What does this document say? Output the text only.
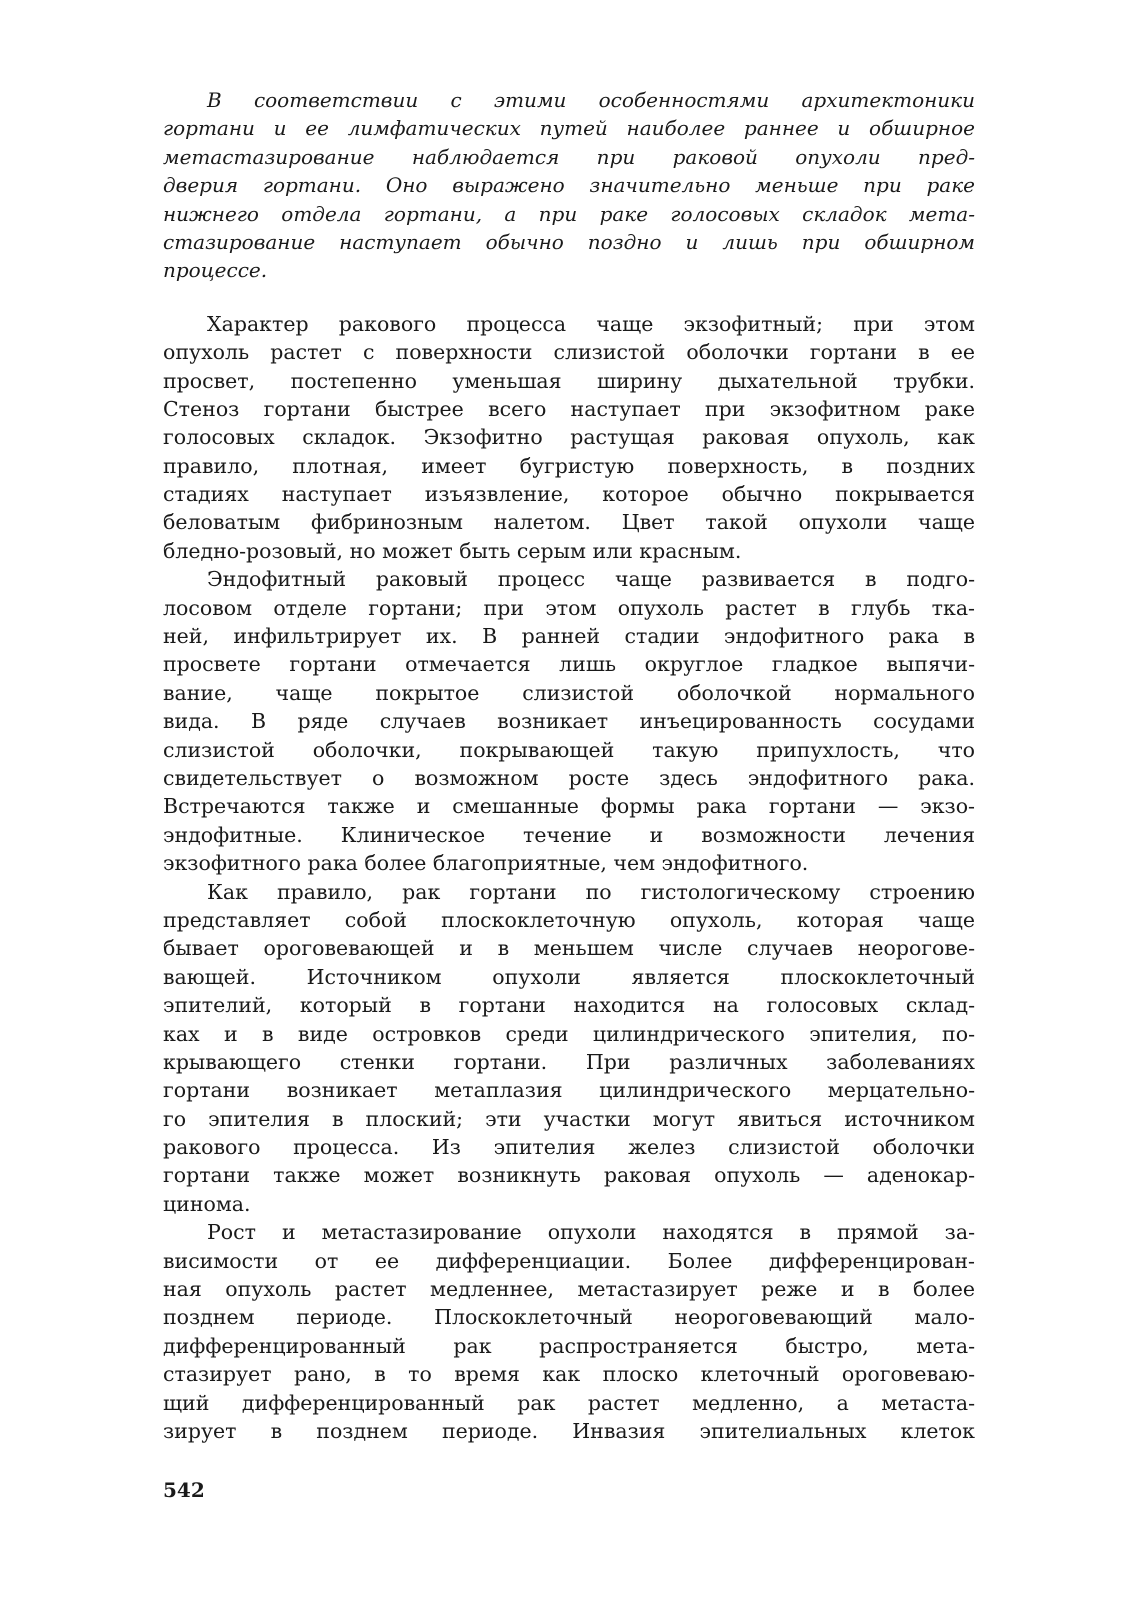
В соответствии с этими особенностями архитектоники
гортани и ее лимфатических путей наиболее раннее и обширное
метастазирование наблюдается при раковой опухоли пред-
дверия гортани. Оно выражено значительно меньше при раке
нижнего отдела гортани, а при раке голосовых складок мета-
стазирование наступает обычно поздно и лишь при обширном
процессе.
Характер ракового процесса чаще экзофитный; при этом
опухоль растет с поверхности слизистой оболочки гортани в ее
просвет, постепенно уменьшая ширину дыхательной трубки.
Стеноз гортани быстрее всего наступает при экзофитном раке
голосовых складок. Экзофитно растущая раковая опухоль, как
правило, плотная, имеет бугристую поверхность, в поздних
стадиях наступает изъязвление, которое обычно покрывается
беловатым фибринозным налетом. Цвет такой опухоли чаще
бледно-розовый, но может быть серым или красным.
Эндофитный раковый процесс чаще развивается в подго-
лосовом отделе гортани; при этом опухоль растет в глубь тка-
ней, инфильтрирует их. В ранней стадии эндофитного рака в
просвете гортани отмечается лишь округлое гладкое выпячи-
вание, чаще покрытое слизистой оболочкой нормального
вида. В ряде случаев возникает инъецированность сосудами
слизистой оболочки, покрывающей такую припухлость, что
свидетельствует о возможном росте здесь эндофитного рака.
Встречаются также и смешанные формы рака гортани — экзо-
эндофитные. Клиническое течение и возможности лечения
экзофитного рака более благоприятные, чем эндофитного.
Как правило, рак гортани по гистологическому строению
представляет собой плоскоклеточную опухоль, которая чаще
бывает ороговевающей и в меньшем числе случаев неорогове-
вающей. Источником опухоли является плоскоклеточный
эпителий, который в гортани находится на голосовых склад-
ках и в виде островков среди цилиндрического эпителия, по-
крывающего стенки гортани. При различных заболеваниях
гортани возникает метаплазия цилиндрического мерцательно-
го эпителия в плоский; эти участки могут явиться источником
ракового процесса. Из эпителия желез слизистой оболочки
гортани также может возникнуть раковая опухоль — аденокар-
цинома.
Рост и метастазирование опухоли находятся в прямой за-
висимости от ее дифференциации. Более дифференцирован-
ная опухоль растет медленнее, метастазирует реже и в более
позднем периоде. Плоскоклеточный неороговевающий мало-
дифференцированный рак распространяется быстро, мета-
стазирует рано, в то время как плоско клеточный ороговеваю-
щий дифференцированный рак растет медленно, а метаста-
зирует в позднем периоде. Инвазия эпителиальных клеток
542
